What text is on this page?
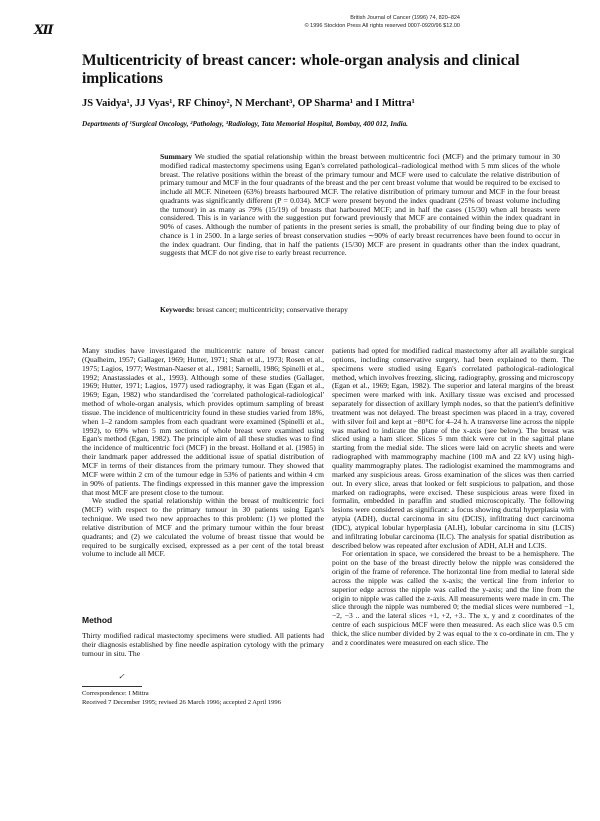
Ⅻ
British Journal of Cancer (1996) 74, 820–824
© 1996 Stockton Press All rights reserved 0007-0920/96 $12.00
Multicentricity of breast cancer: whole-organ analysis and clinical implications
JS Vaidya¹, JJ Vyas¹, RF Chinoy², N Merchant³, OP Sharma¹ and I Mittra¹
Departments of ¹Surgical Oncology, ²Pathology, ³Radiology, Tata Memorial Hospital, Bombay, 400 012, India.
Summary We studied the spatial relationship within the breast between multicentric foci (MCF) and the primary tumour in 30 modified radical mastectomy specimens using Egan's correlated pathological–radiological method with 5 mm slices of the whole breast. The relative positions within the breast of the primary tumour and MCF were used to calculate the relative distribution of primary tumour and MCF in the four quadrants of the breast and the per cent breast volume that would be required to be excised to include all MCF. Nineteen (63%) breasts harboured MCF. The relative distribution of primary tumour and MCF in the four breast quadrants was significantly different (P = 0.034). MCF were present beyond the index quadrant (25% of breast volume including the tumour) in as many as 79% (15/19) of breasts that harboured MCF; and in half the cases (15/30) when all breasts were considered. This is in variance with the suggestion put forward previously that MCF are contained within the index quadrant in 90% of cases. Although the number of patients in the present series is small, the probability of our finding being due to play of chance is 1 in 2500. In a large series of breast conservation studies ∼90% of early breast recurrences have been found to occur in the index quadrant. Our finding, that in half the patients (15/30) MCF are present in quadrants other than the index quadrant, suggests that MCF do not give rise to early breast recurrence.
Keywords: breast cancer; multicentricity; conservative therapy

Many studies have investigated the multicentric nature of breast cancer (Qualheim, 1957; Gallager, 1969; Hutter, 1971; Shah et al., 1973; Rosen et al., 1975; Lagios, 1977; Westman-Naeser et al., 1981; Sarnelli, 1986; Spinelli et al., 1992; Anastassiades et al., 1993). Although some of these studies (Gallager, 1969; Hutter, 1971; Lagios, 1977) used radiography, it was Egan (Egan et al., 1969; Egan, 1982) who standardised the 'correlated pathological-radiological' method of whole-organ analysis, which provides optimum sampling of breast tissue. The incidence of multicentricity found in these studies varied from 18%, when 1–2 random samples from each quadrant were examined (Spinelli et al., 1992), to 69% when 5 mm sections of whole breast were examined using Egan's method (Egan, 1982). The principle aim of all these studies was to find the incidence of multicentric foci (MCF) in the breast. Holland et al. (1985) in their landmark paper addressed the additional issue of spatial distribution of MCF in terms of their distances from the primary tumour. They showed that MCF were within 2 cm of the tumour edge in 53% of patients and within 4 cm in 90% of patients. The findings expressed in this manner gave the impression that most MCF are present close to the tumour.

We studied the spatial relationship within the breast of multicentric foci (MCF) with respect to the primary tumour in 30 patients using Egan's technique. We used two new approaches to this problem: (1) we plotted the relative distribution of MCF and the primary tumour within the four breast quadrants; and (2) we calculated the volume of breast tissue that would be required to be surgically excised, expressed as a per cent of the total breast volume to include all MCF.

Method
Thirty modified radical mastectomy specimens were studied. All patients had their diagnosis established by fine needle aspiration cytology with the primary tumour in situ. The
✓
Correspondence: I Mittra
Received 7 December 1995; revised 26 March 1996; accepted 2 April 1996

patients had opted for modified radical mastectomy after all available surgical options, including conservative surgery, had been explained to them. The specimens were studied using Egan's correlated pathological–radiological method, which involves freezing, slicing, radiography, grossing and microscopy (Egan et al., 1969; Egan, 1982). The superior and lateral margins of the breast specimen were marked with ink. Axillary tissue was excised and processed separately for dissection of axillary lymph nodes, so that the patient's definitive treatment was not delayed. The breast specimen was placed in a tray, covered with silver foil and kept at −80°C for 4–24 h. A transverse line across the nipple was marked to indicate the plane of the x-axis (see below). The breast was sliced using a ham slicer. Slices 5 mm thick were cut in the sagittal plane starting from the medial side. The slices were laid on acrylic sheets and were radiographed with mammography machine (100 mA and 22 kV) using high-quality mammography plates. The radiologist examined the mammograms and marked any suspicious areas. Gross examination of the slices was then carried out. In every slice, areas that looked or felt suspicious to palpation, and those marked on radiographs, were excised. These suspicious areas were fixed in formalin, embedded in paraffin and studied microscopically. The following lesions were considered as significant: a focus showing ductal hyperplasia with atypia (ADH), ductal carcinoma in situ (DCIS), infiltrating duct carcinoma (IDC), atypical lobular hyperplasia (ALH), lobular carcinoma in situ (LCIS) and infiltrating lobular carcinoma (ILC). The analysis for spatial distribution as described below was repeated after exclusion of ADH, ALH and LCIS.

For orientation in space, we considered the breast to be a hemisphere. The point on the base of the breast directly below the nipple was considered the origin of the frame of reference. The horizontal line from medial to lateral side across the nipple was called the x-axis; the vertical line from inferior to superior edge across the nipple was called the y-axis; and the line from the origin to nipple was called the z-axis. All measurements were made in cm. The slice through the nipple was numbered 0; the medial slices were numbered −1, −2, −3 .. and the lateral slices +1, +2, +3.. The x, y and z coordinates of the centre of each suspicious MCF were then measured. As each slice was 0.5 cm thick, the slice number divided by 2 was equal to the x co-ordinate in cm. The y and z coordinates were measured on each slice. The
